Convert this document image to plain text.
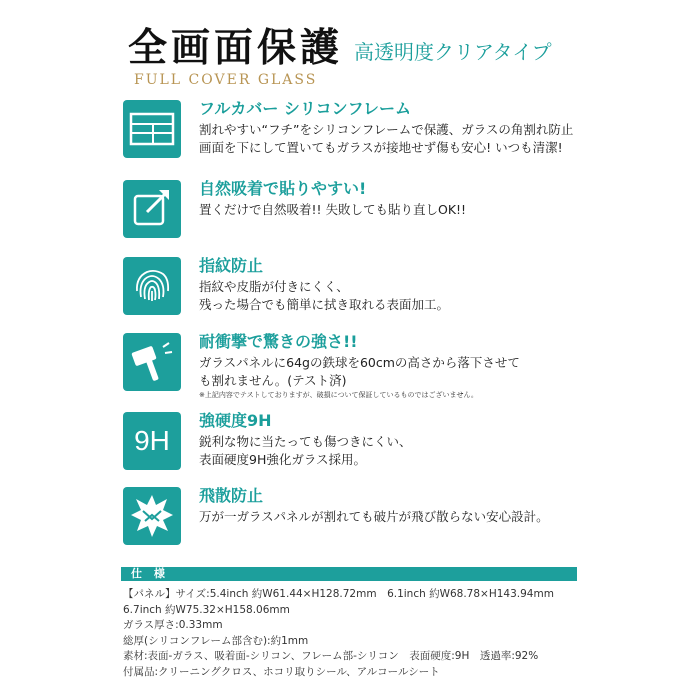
全画面保護 高透明度クリアタイプ
FULL COVER GLASS
フルカバー シリコンフレーム
割れやすい“フチ”をシリコンフレームで保護、ガラスの角割れ防止
画面を下にして置いてもガラスが接地せず傷も安心! いつも清潔!
自然吸着で貼りやすい!
置くだけで自然吸着!! 失敗しても貼り直しOK!!
指紋防止
指紋や皮脂が付きにくく、
残った場合でも簡単に拭き取れる表面加工。
耐衝撃で驚きの強さ!!
ガラスパネルに64gの鉄球を60cmの高さから落下させて
も割れません。(テスト済)
※上記内容でテストしておりますが、破損について保証しているものではございません。
9H
強硬度9H
鋭利な物に当たっても傷つきにくい、
表面硬度9H強化ガラス採用。
飛散防止
万が一ガラスパネルが割れても破片が飛び散らない安心設計。
仕 様
【パネル】サイズ:5.4inch 約W61.44×H128.72mm　6.1inch 約W68.78×H143.94mm
6.7inch 約W75.32×H158.06mm
ガラス厚さ:0.33mm
総厚(シリコンフレーム部含む):約1mm
素材:表面-ガラス、吸着面-シリコン、フレーム部-シリコン　表面硬度:9H　透過率:92%
付属品:クリーニングクロス、ホコリ取りシール、アルコールシート
